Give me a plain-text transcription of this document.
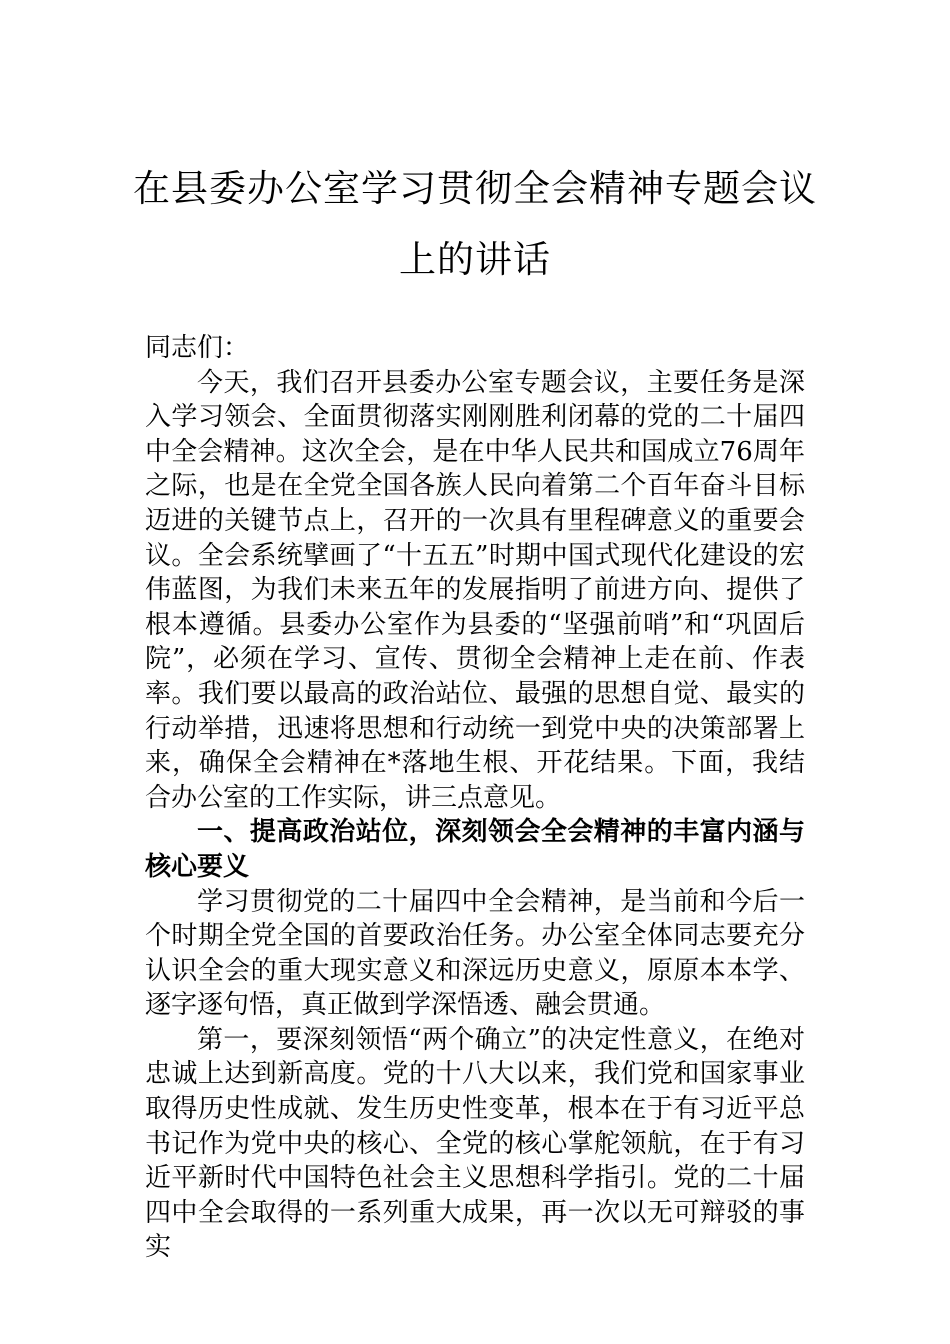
在县委办公室学习贯彻全会精神专题会议
上的讲话

同志们：

今天，我们召开县委办公室专题会议，主要任务是深入学习领会、全面贯彻落实刚刚胜利闭幕的党的二十届四中全会精神。这次全会，是在中华人民共和国成立76周年之际，也是在全党全国各族人民向着第二个百年奋斗目标迈进的关键节点上，召开的一次具有里程碑意义的重要会议。全会系统擘画了“十五五”时期中国式现代化建设的宏伟蓝图，为我们未来五年的发展指明了前进方向、提供了根本遵循。县委办公室作为县委的“坚强前哨”和“巩固后院”，必须在学习、宣传、贯彻全会精神上走在前、作表率。我们要以最高的政治站位、最强的思想自觉、最实的行动举措，迅速将思想和行动统一到党中央的决策部署上来，确保全会精神在*落地生根、开花结果。下面，我结合办公室的工作实际，讲三点意见。

一、提高政治站位，深刻领会全会精神的丰富内涵与核心要义

学习贯彻党的二十届四中全会精神，是当前和今后一个时期全党全国的首要政治任务。办公室全体同志要充分认识全会的重大现实意义和深远历史意义，原原本本学、逐字逐句悟，真正做到学深悟透、融会贯通。

第一，要深刻领悟“两个确立”的决定性意义，在绝对忠诚上达到新高度。党的十八大以来，我们党和国家事业取得历史性成就、发生历史性变革，根本在于有习近平总书记作为党中央的核心、全党的核心掌舵领航，在于有习近平新时代中国特色社会主义思想科学指引。党的二十届四中全会取得的一系列重大成果，再一次以无可辩驳的事实
